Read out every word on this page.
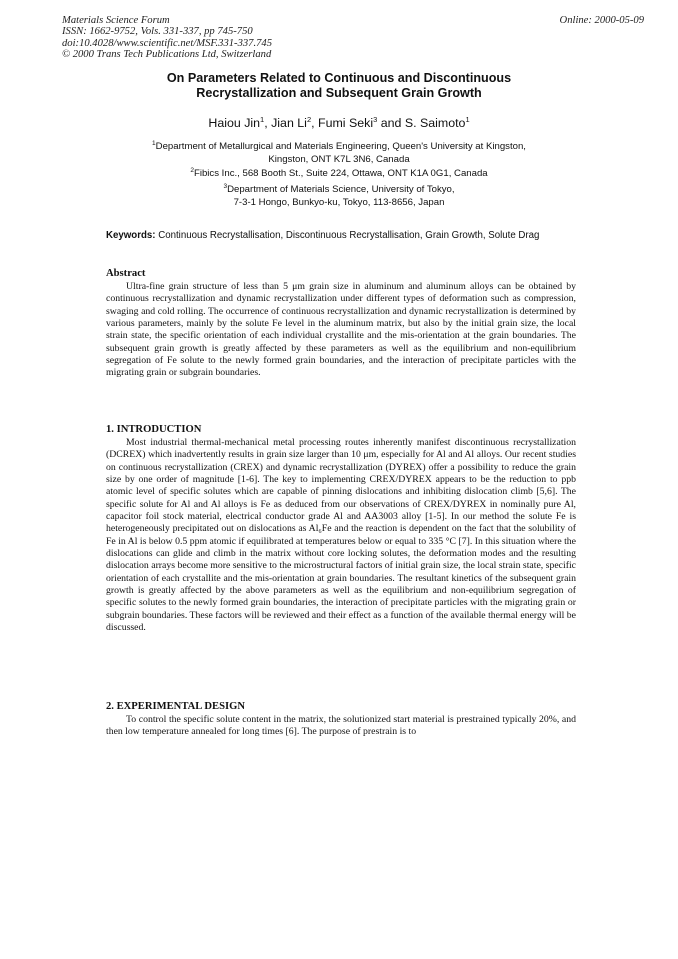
Materials Science Forum
ISSN: 1662-9752, Vols. 331-337, pp 745-750
doi:10.4028/www.scientific.net/MSF.331-337.745
© 2000 Trans Tech Publications Ltd, Switzerland
Online: 2000-05-09
On Parameters Related to Continuous and Discontinuous
Recrystallization and Subsequent Grain Growth
Haiou Jin$^1$, Jian Li$^2$, Fumi Seki$^3$ and S. Saimoto$^1$
$^1$Department of Metallurgical and Materials Engineering, Queen's University at Kingston,
Kingston, ONT K7L 3N6, Canada
$^2$Fibics Inc., 568 Booth St., Suite 224, Ottawa, ONT K1A 0G1, Canada
$^3$Department of Materials Science, University of Tokyo,
7-3-1 Hongo, Bunkyo-ku, Tokyo, 113-8656, Japan
Keywords: Continuous Recrystallisation, Discontinuous Recrystallisation, Grain Growth, Solute Drag

Abstract

Ultra-fine grain structure of less than 5 μm grain size in aluminum and aluminum alloys can be obtained by continuous recrystallization and dynamic recrystallization under different types of deformation such as compression, swaging and cold rolling. The occurrence of continuous recrystallization and dynamic recrystallization is determined by various parameters, mainly by the solute Fe level in the aluminum matrix, but also by the initial grain size, the local strain state, the specific orientation of each individual crystallite and the mis-orientation at the grain boundaries. The subsequent grain growth is greatly affected by these parameters as well as the equilibrium and non-equilibrium segregation of Fe solute to the newly formed grain boundaries, and the interaction of precipitate particles with the migrating grain or subgrain boundaries.

1. INTRODUCTION

Most industrial thermal-mechanical metal processing routes inherently manifest discontinuous recrystallization (DCREX) which inadvertently results in grain size larger than 10 μm, especially for Al and Al alloys. Our recent studies on continuous recrystallization (CREX) and dynamic recrystallization (DYREX) offer a possibility to reduce the grain size by one order of magnitude [1-6]. The key to implementing CREX/DYREX appears to be the reduction to ppb atomic level of specific solutes which are capable of pinning dislocations and inhibiting dislocation climb [5,6]. The specific solute for Al and Al alloys is Fe as deduced from our observations of CREX/DYREX in nominally pure Al, capacitor foil stock material, electrical conductor grade Al and AA3003 alloy [1-5]. In our method the solute Fe is heterogeneously precipitated out on dislocations as Al₆Fe and the reaction is dependent on the fact that the solubility of Fe in Al is below 0.5 ppm atomic if equilibrated at temperatures below or equal to 335 °C [7]. In this situation where the dislocations can glide and climb in the matrix without core locking solutes, the deformation modes and the resulting dislocation arrays become more sensitive to the microstructural factors of initial grain size, the local strain state, specific orientation of each crystallite and the mis-orientation at grain boundaries. The resultant kinetics of the subsequent grain growth is greatly affected by the above parameters as well as the equilibrium and non-equilibrium segregation of specific solutes to the newly formed grain boundaries, the interaction of precipitate particles with the migrating grain or subgrain boundaries. These factors will be reviewed and their effect as a function of the available thermal energy will be discussed.

2. EXPERIMENTAL DESIGN

To control the specific solute content in the matrix, the solutionized start material is prestrained typically 20%, and then low temperature annealed for long times [6]. The purpose of prestrain is to
